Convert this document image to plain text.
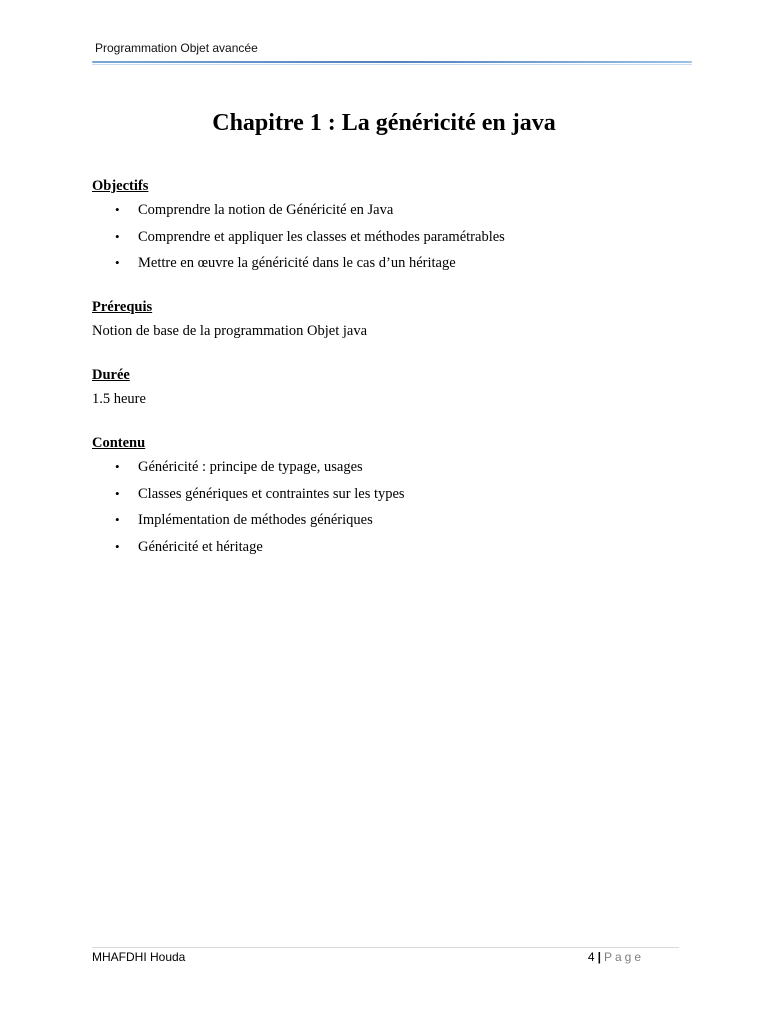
Programmation Objet avancée
Chapitre 1 : La généricité en java

Objectifs

• Comprendre la notion de Généricité en Java
• Comprendre et appliquer les classes et méthodes paramétrables
• Mettre en œuvre la généricité dans le cas d’un héritage

Prérequis

Notion de base de la programmation Objet java

Durée

1.5 heure

Contenu

• Généricité : principe de typage, usages
• Classes génériques et contraintes sur les types
• Implémentation de méthodes génériques
• Généricité et héritage
MHAFDHI Houda	4 | Page
